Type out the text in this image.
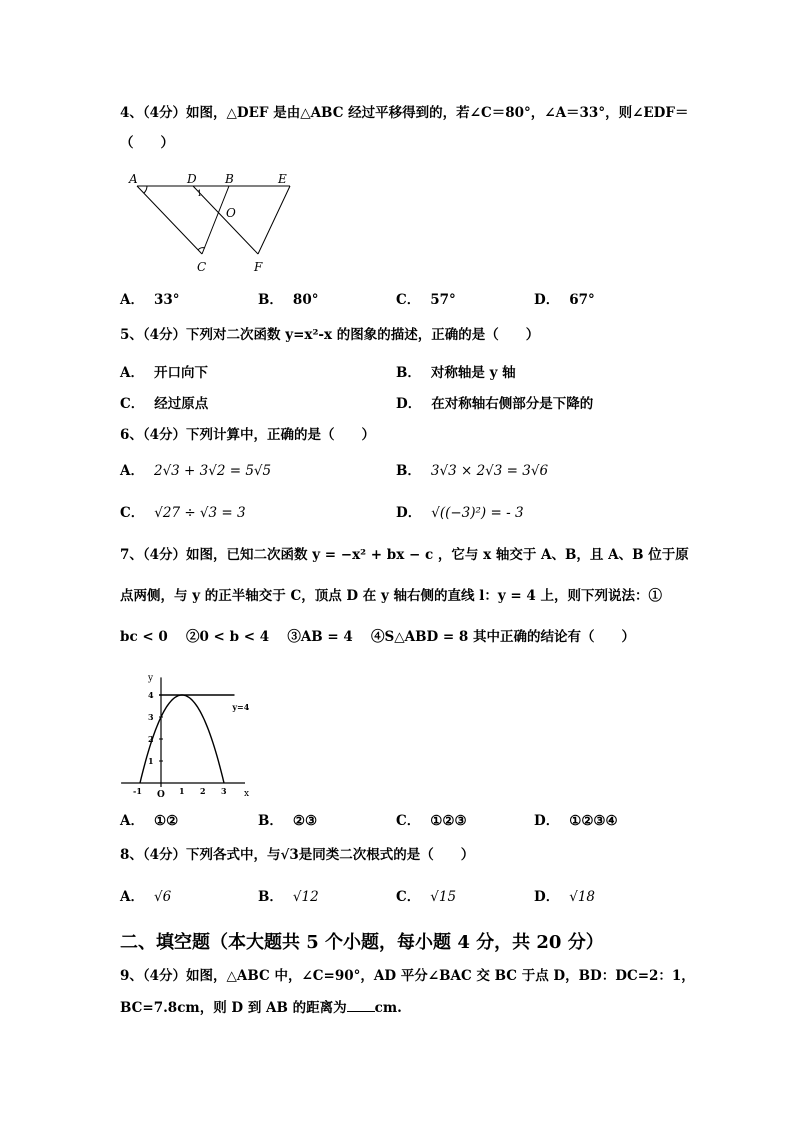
4、（4分）如图，△DEF 是由△ABC 经过平移得到的，若∠C＝80°，∠A＝33°，则∠EDF＝
（　　）
A	D B	E
O
1
C	F
A． 33°	B． 80°	C． 57°	D． 67°
5、（4分）下列对二次函数 y=x²-x 的图象的描述，正确的是（　　）
A． 开口向下	B． 对称轴是 y 轴
C． 经过原点	D． 在对称轴右侧部分是下降的
6、（4分）下列计算中，正确的是（　　）
A． 2√3 + 3√2 = 5√5	B． 3√3 × 2√3 = 3√6
C． √27 ÷ √3 = 3	D． √((−3)²) = - 3
7、（4分）如图，已知二次函数 y = −x² + bx − c ，它与 x 轴交于 A、B，且 A、B 位于原
点两侧，与 y 的正半轴交于 C，顶点 D 在 y 轴右侧的直线 l：y = 4 上，则下列说法：①
bc < 0　 ②0 < b < 4　 ③AB = 4　 ④S△ABD = 8 其中正确的结论有（　　）
x
y
O
y=4
-1	1 2 3
1
2
3
4
A． ①②	B． ②③	C． ①②③	D． ①②③④
8、（4分）下列各式中，与√3是同类二次根式的是（　　）
A． √6	B． √12	C． √15	D． √18
二、填空题（本大题共 5 个小题，每小题 4 分，共 20 分）
9、（4分）如图，△ABC 中，∠C=90°，AD 平分∠BAC 交 BC 于点 D，BD：DC=2：1，
BC=7.8cm，则 D 到 AB 的距离为 cm.
